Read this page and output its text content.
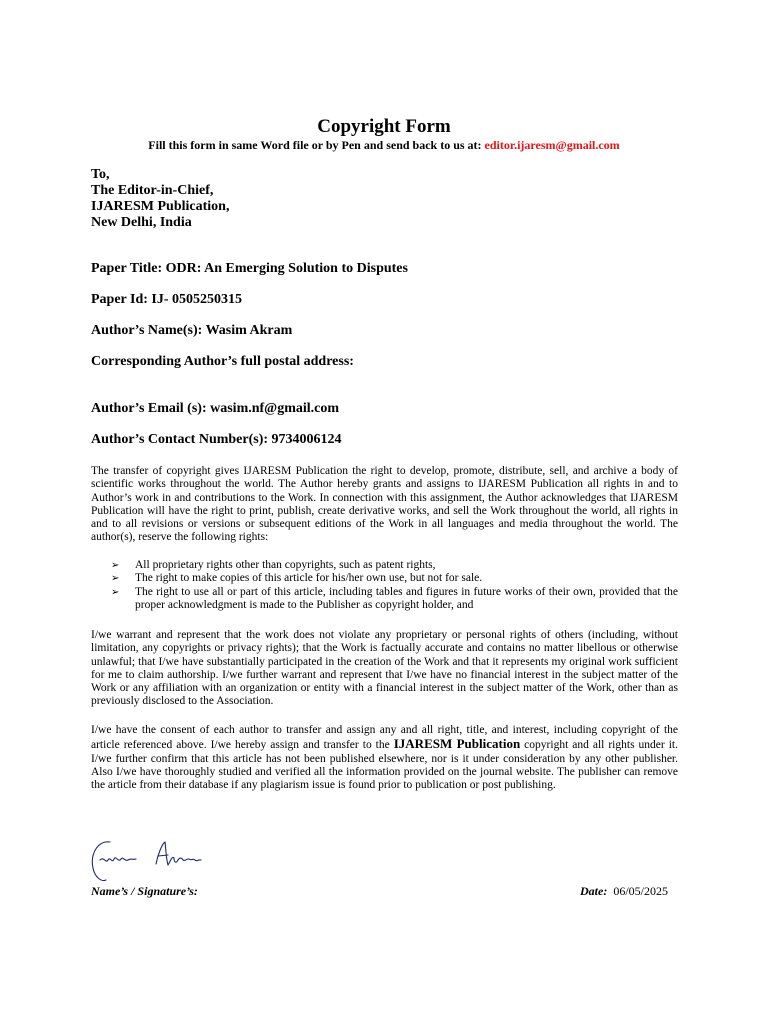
Copyright Form
Fill this form in same Word file or by Pen and send back to us at: editor.ijaresm@gmail.com
To,
The Editor-in-Chief,
IJARESM Publication,
New Delhi, India
Paper Title: ODR: An Emerging Solution to Disputes
Paper Id: IJ- 0505250315
Author’s Name(s): Wasim Akram
Corresponding Author’s full postal address:
Author’s Email (s): wasim.nf@gmail.com
Author’s Contact Number(s): 9734006124
The transfer of copyright gives IJARESM Publication the right to develop, promote, distribute, sell, and archive a body of scientific works throughout the world. The Author hereby grants and assigns to IJARESM Publication all rights in and to Author’s work in and contributions to the Work. In connection with this assignment, the Author acknowledges that IJARESM Publication will have the right to print, publish, create derivative works, and sell the Work throughout the world, all rights in and to all revisions or versions or subsequent editions of the Work in all languages and media throughout the world. The author(s), reserve the following rights:
➢ All proprietary rights other than copyrights, such as patent rights,
➢ The right to make copies of this article for his/her own use, but not for sale.
➢ The right to use all or part of this article, including tables and figures in future works of their own, provided that the proper acknowledgment is made to the Publisher as copyright holder, and
I/we warrant and represent that the work does not violate any proprietary or personal rights of others (including, without limitation, any copyrights or privacy rights); that the Work is factually accurate and contains no matter libellous or otherwise unlawful; that I/we have substantially participated in the creation of the Work and that it represents my original work sufficient for me to claim authorship. I/we further warrant and represent that I/we have no financial interest in the subject matter of the Work or any affiliation with an organization or entity with a financial interest in the subject matter of the Work, other than as previously disclosed to the Association.
I/we have the consent of each author to transfer and assign any and all right, title, and interest, including copyright of the article referenced above. I/we hereby assign and transfer to the IJARESM Publication copyright and all rights under it. I/we further confirm that this article has not been published elsewhere, nor is it under consideration by any other publisher. Also I/we have thoroughly studied and verified all the information provided on the journal website. The publisher can remove the article from their database if any plagiarism issue is found prior to publication or post publishing.
Wasim Akram
Name’s / Signature’s:	Date: 06/05/2025
